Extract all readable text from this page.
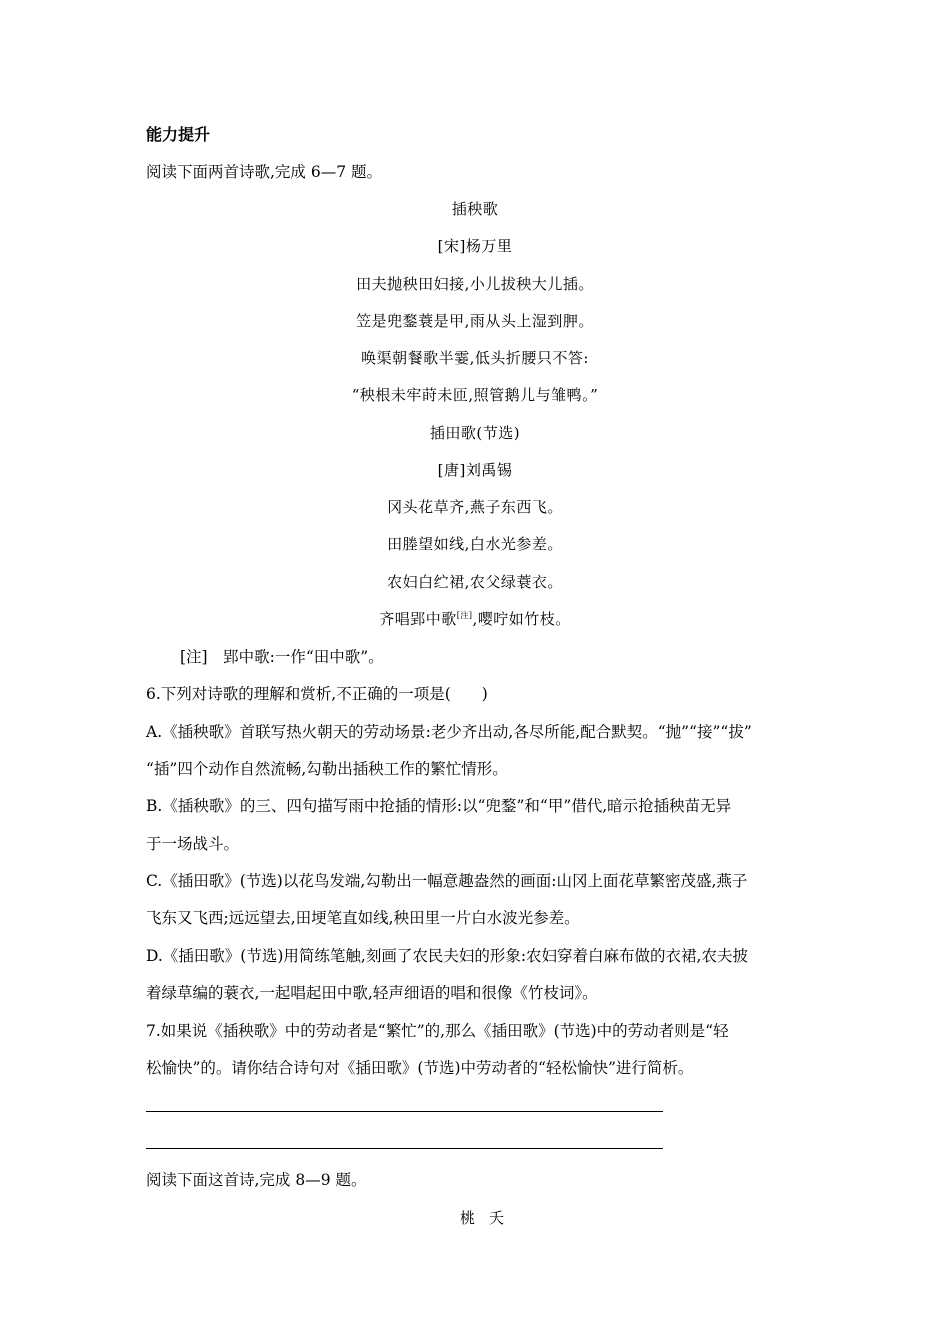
能力提升
阅读下面两首诗歌,完成 6—7 题。
插秧歌
[宋]杨万里
田夫抛秧田妇接,小儿拔秧大儿插。
笠是兜鍪蓑是甲,雨从头上湿到胛。
唤渠朝餐歌半霎,低头折腰只不答:
“秧根未牢莳未匝,照管鹅儿与雏鸭。”
插田歌(节选)
[唐]刘禹锡
冈头花草齐,燕子东西飞。
田塍望如线,白水光参差。
农妇白纻裙,农父绿蓑衣。
齐唱郢中歌[注],嘤咛如竹枝。
[注]　郢中歌:一作“田中歌”。
6.下列对诗歌的理解和赏析,不正确的一项是(　　)
A.《插秧歌》首联写热火朝天的劳动场景:老少齐出动,各尽所能,配合默契。“抛”“接”“拔”
“插”四个动作自然流畅,勾勒出插秧工作的繁忙情形。
B.《插秧歌》的三、四句描写雨中抢插的情形:以“兜鍪”和“甲”借代,暗示抢插秧苗无异
于一场战斗。
C.《插田歌》(节选)以花鸟发端,勾勒出一幅意趣盎然的画面:山冈上面花草繁密茂盛,燕子
飞东又飞西;远远望去,田埂笔直如线,秧田里一片白水波光参差。
D.《插田歌》(节选)用简练笔触,刻画了农民夫妇的形象:农妇穿着白麻布做的衣裙,农夫披
着绿草编的蓑衣,一起唱起田中歌,轻声细语的唱和很像《竹枝词》。
7.如果说《插秧歌》中的劳动者是“繁忙”的,那么《插田歌》(节选)中的劳动者则是“轻
松愉快”的。请你结合诗句对《插田歌》(节选)中劳动者的“轻松愉快”进行简析。
阅读下面这首诗,完成 8—9 题。
桃夭
